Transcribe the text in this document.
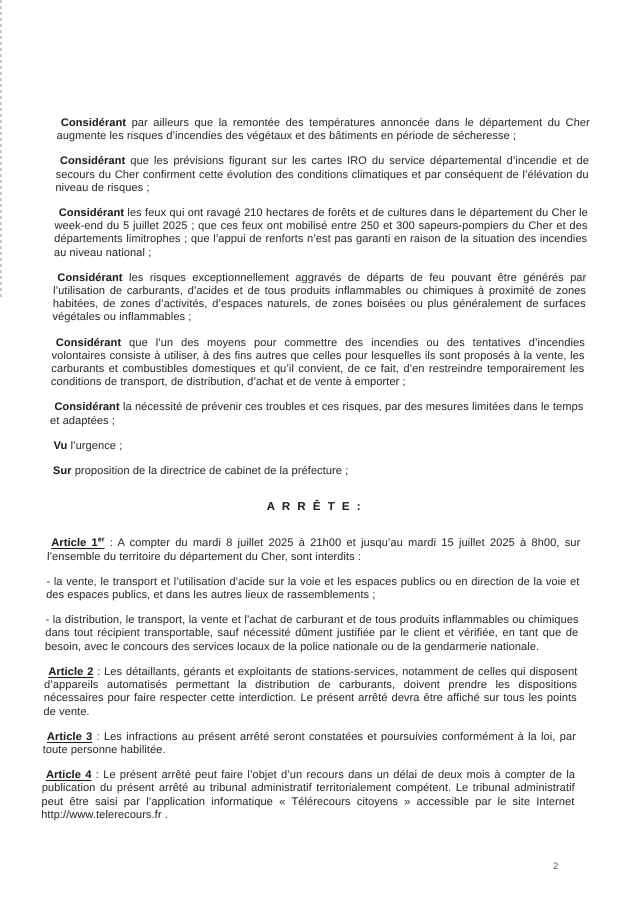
Considérant par ailleurs que la remontée des températures annoncée dans le département du Cher augmente les risques d’incendies des végétaux et des bâtiments en période de sécheresse ;

Considérant que les prévisions figurant sur les cartes IRO du service départemental d’incendie et de secours du Cher confirment cette évolution des conditions climatiques et par conséquent de l’élévation du niveau de risques ;

Considérant les feux qui ont ravagé 210 hectares de forêts et de cultures dans le département du Cher le week-end du 5 juillet 2025 ; que ces feux ont mobilisé entre 250 et 300 sapeurs-pompiers du Cher et des départements limitrophes ; que l’appui de renforts n’est pas garanti en raison de la situation des incendies au niveau national ;

Considérant les risques exceptionnellement aggravés de départs de feu pouvant être générés par l’utilisation de carburants, d’acides et de tous produits inflammables ou chimiques à proximité de zones habitées, de zones d’activités, d’espaces naturels, de zones boisées ou plus généralement de surfaces végétales ou inflammables ;

Considérant que l’un des moyens pour commettre des incendies ou des tentatives d’incendies volontaires consiste à utiliser, à des fins autres que celles pour lesquelles ils sont proposés à la vente, les carburants et combustibles domestiques et qu’il convient, de ce fait, d’en restreindre temporairement les conditions de transport, de distribution, d’achat et de vente à emporter ;

Considérant la nécessité de prévenir ces troubles et ces risques, par des mesures limitées dans le temps et adaptées ;

Vu l’urgence ;

Sur proposition de la directrice de cabinet de la préfecture ;

A R R Ê T E :

Article 1er : A compter du mardi 8 juillet 2025 à 21h00 et jusqu’au mardi 15 juillet 2025 à 8h00, sur l’ensemble du territoire du département du Cher, sont interdits :

- la vente, le transport et l’utilisation d’acide sur la voie et les espaces publics ou en direction de la voie et des espaces publics, et dans les autres lieux de rassemblements ;

- la distribution, le transport, la vente et l’achat de carburant et de tous produits inflammables ou chimiques dans tout récipient transportable, sauf nécessité dûment justifiée par le client et vérifiée, en tant que de besoin, avec le concours des services locaux de la police nationale ou de la gendarmerie nationale.

Article 2 : Les détaillants, gérants et exploitants de stations-services, notamment de celles qui disposent d’appareils automatisés permettant la distribution de carburants, doivent prendre les dispositions nécessaires pour faire respecter cette interdiction. Le présent arrêté devra être affiché sur tous les points de vente.

Article 3 : Les infractions au présent arrêté seront constatées et poursuivies conformément à la loi, par toute personne habilitée.

Article 4 : Le présent arrêté peut faire l’objet d’un recours dans un délai de deux mois à compter de la publication du présent arrêté au tribunal administratif territorialement compétent. Le tribunal administratif peut être saisi par l’application informatique « Télérecours citoyens » accessible par le site Internet http://www.telerecours.fr .

2
